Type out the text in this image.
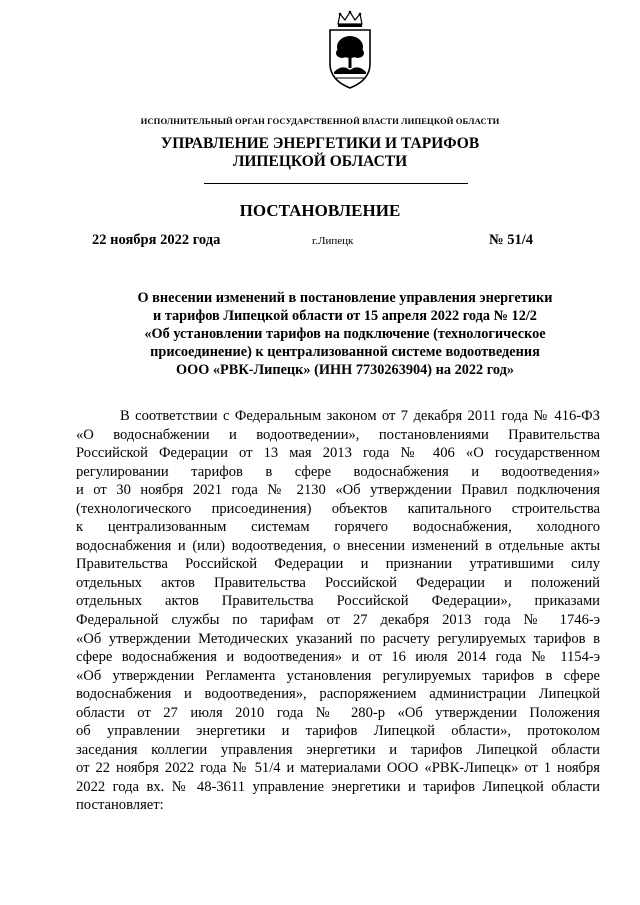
ИСПОЛНИТЕЛЬНЫЙ ОРГАН ГОСУДАРСТВЕННОЙ ВЛАСТИ ЛИПЕЦКОЙ ОБЛАСТИ
УПРАВЛЕНИЕ ЭНЕРГЕТИКИ И ТАРИФОВ
ЛИПЕЦКОЙ ОБЛАСТИ
ПОСТАНОВЛЕНИЕ
22 ноября 2022 года	г.Липецк	№ 51/4
О внесении изменений в постановление управления энергетики
и тарифов Липецкой области от 15 апреля 2022 года № 12/2
«Об установлении тарифов на подключение (технологическое
присоединение) к централизованной системе водоотведения
ООО «РВК-Липецк» (ИНН 7730263904) на 2022 год»
В соответствии с Федеральным законом от 7 декабря 2011 года № 416-ФЗ
«О водоснабжении и водоотведении», постановлениями Правительства
Российской Федерации от 13 мая 2013 года № 406 «О государственном
регулировании тарифов в сфере водоснабжения и водоотведения»
и от 30 ноября 2021 года № 2130 «Об утверждении Правил подключения
(технологического присоединения) объектов капитального строительства
к централизованным системам горячего водоснабжения, холодного
водоснабжения и (или) водоотведения, о внесении изменений в отдельные акты
Правительства Российской Федерации и признании утратившими силу
отдельных актов Правительства Российской Федерации и положений
отдельных актов Правительства Российской Федерации», приказами
Федеральной службы по тарифам от 27 декабря 2013 года № 1746-э
«Об утверждении Методических указаний по расчету регулируемых тарифов в
сфере водоснабжения и водоотведения» и от 16 июля 2014 года № 1154-э
«Об утверждении Регламента установления регулируемых тарифов в сфере
водоснабжения и водоотведения», распоряжением администрации Липецкой
области от 27 июля 2010 года № 280-р «Об утверждении Положения
об управлении энергетики и тарифов Липецкой области», протоколом
заседания коллегии управления энергетики и тарифов Липецкой области
от 22 ноября 2022 года № 51/4 и материалами ООО «РВК-Липецк» от 1 ноября
2022 года вх. № 48-3611 управление энергетики и тарифов Липецкой области
постановляет:
